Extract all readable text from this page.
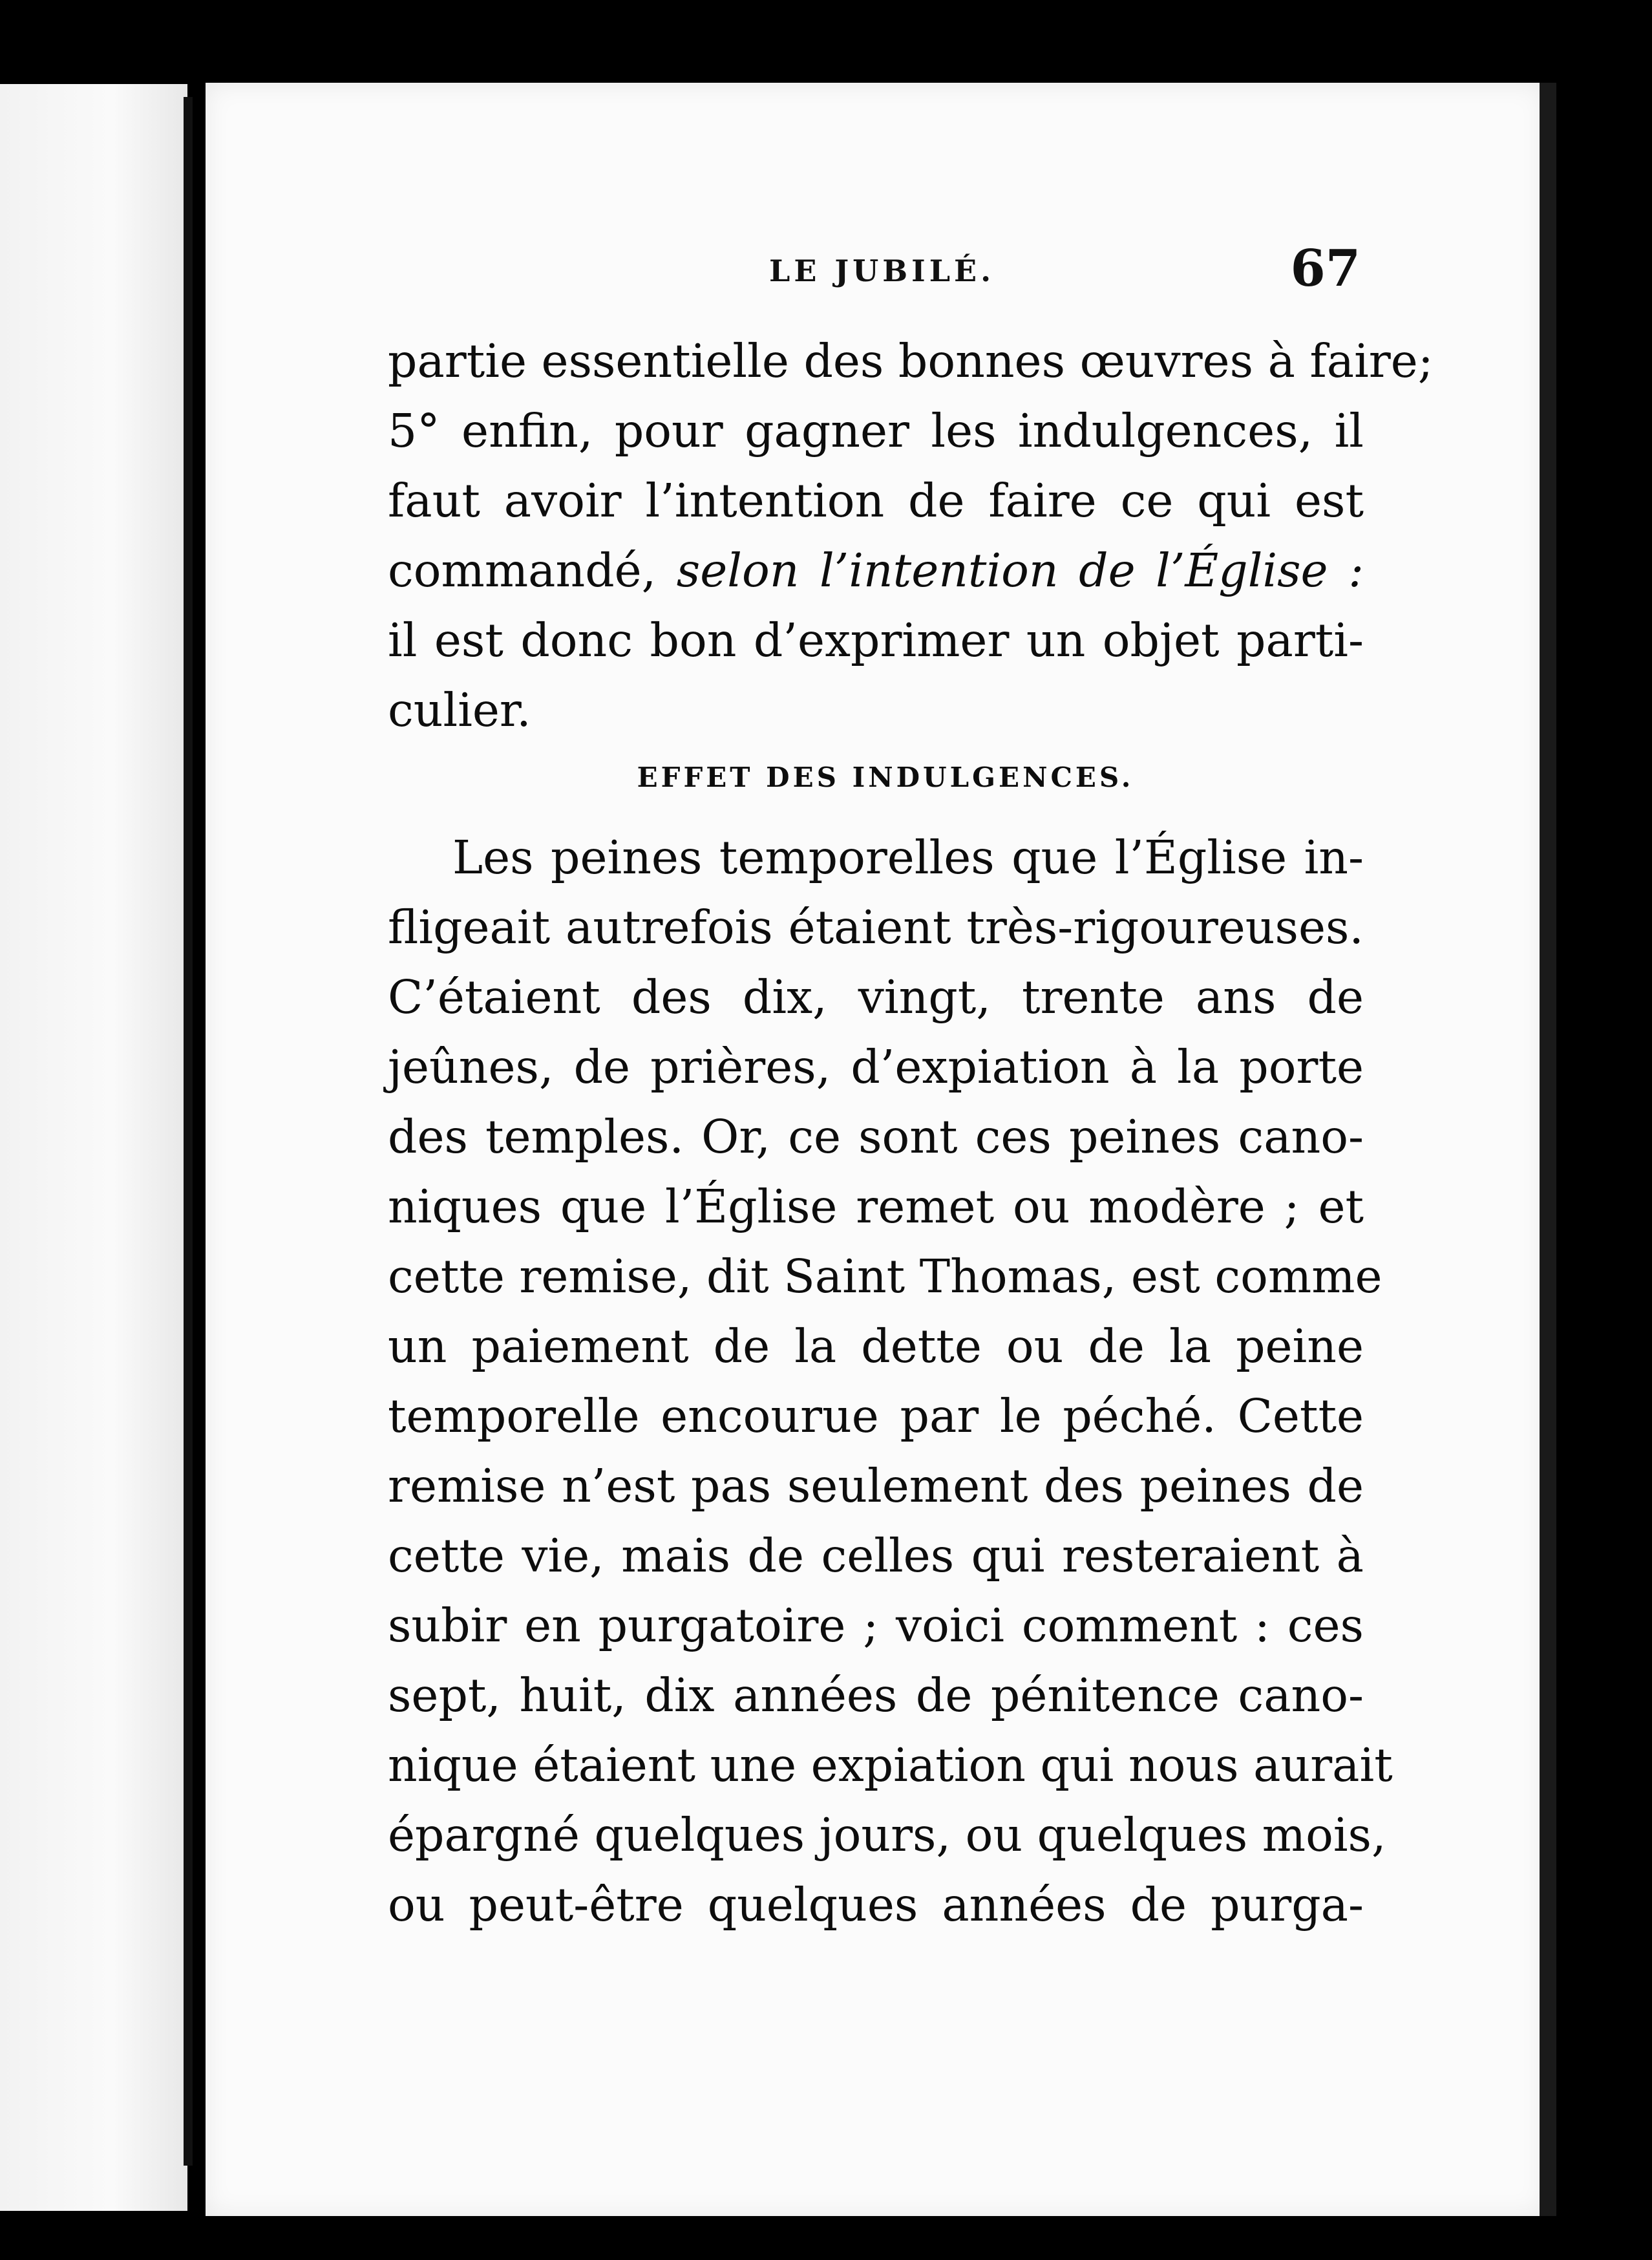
LE JUBILÉ.	67
partie essentielle des bonnes œuvres à faire;
5° enfin, pour gagner les indulgences, il
faut avoir l’intention de faire ce qui est
commandé, selon l’intention de l’Église :
il est donc bon d’exprimer un objet parti-
culier.
EFFET DES INDULGENCES.
Les peines temporelles que l’Église in-
fligeait autrefois étaient très-rigoureuses.
C’étaient des dix, vingt, trente ans de
jeûnes, de prières, d’expiation à la porte
des temples. Or, ce sont ces peines cano-
niques que l’Église remet ou modère ; et
cette remise, dit Saint Thomas, est comme
un paiement de la dette ou de la peine
temporelle encourue par le péché. Cette
remise n’est pas seulement des peines de
cette vie, mais de celles qui resteraient à
subir en purgatoire ; voici comment : ces
sept, huit, dix années de pénitence cano-
nique étaient une expiation qui nous aurait
épargné quelques jours, ou quelques mois,
ou peut-être quelques années de purga-
